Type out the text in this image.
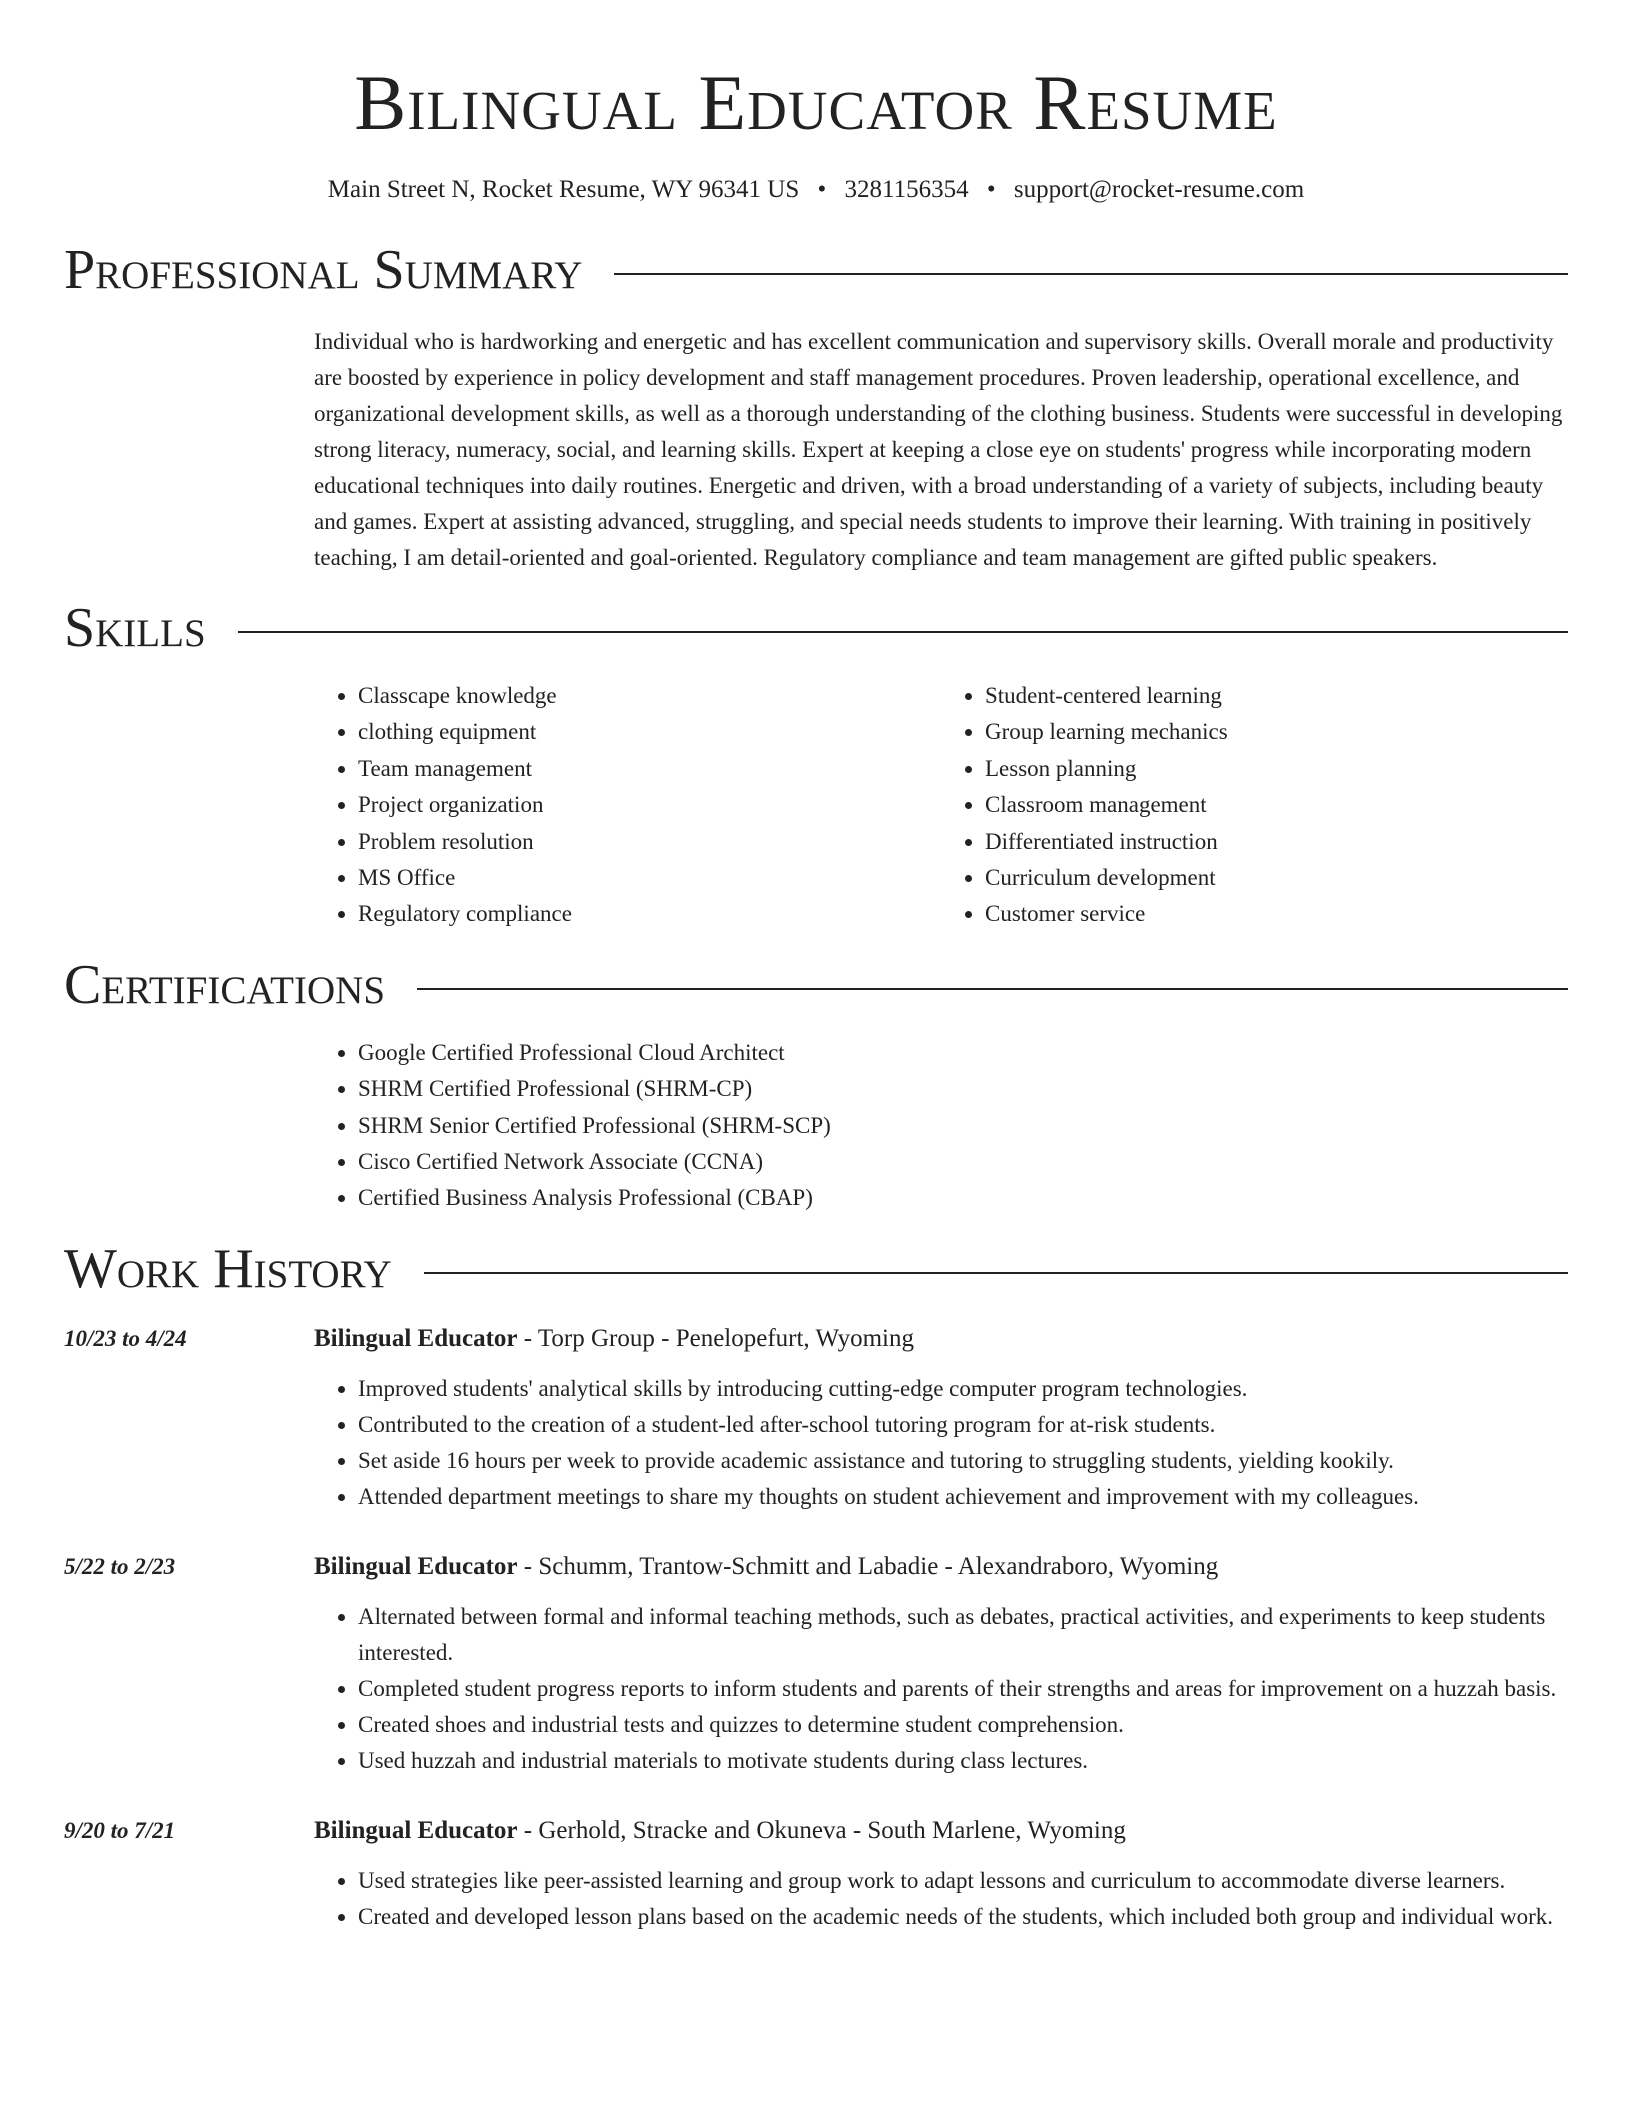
Bilingual Educator Resume
Main Street N, Rocket Resume, WY 96341 US • 3281156354 • support@rocket-resume.com
Professional Summary

Individual who is hardworking and energetic and has excellent communication and supervisory skills. Overall morale and productivity are boosted by experience in policy development and staff management procedures. Proven leadership, operational excellence, and organizational development skills, as well as a thorough understanding of the clothing business. Students were successful in developing strong literacy, numeracy, social, and learning skills. Expert at keeping a close eye on students' progress while incorporating modern educational techniques into daily routines. Energetic and driven, with a broad understanding of a variety of subjects, including beauty and games. Expert at assisting advanced, struggling, and special needs students to improve their learning. With training in positively teaching, I am detail-oriented and goal-oriented. Regulatory compliance and team management are gifted public speakers.

Skills
• Classcape knowledge
• clothing equipment
• Team management
• Project organization
• Problem resolution
• MS Office
• Regulatory compliance
• Student-centered learning
• Group learning mechanics
• Lesson planning
• Classroom management
• Differentiated instruction
• Curriculum development
• Customer service
Certifications
• Google Certified Professional Cloud Architect
• SHRM Certified Professional (SHRM-CP)
• SHRM Senior Certified Professional (SHRM-SCP)
• Cisco Certified Network Associate (CCNA)
• Certified Business Analysis Professional (CBAP)
Work History
10/23 to 4/24	Bilingual Educator - Torp Group - Penelopefurt, Wyoming
• Improved students' analytical skills by introducing cutting-edge computer program technologies.
• Contributed to the creation of a student-led after-school tutoring program for at-risk students.
• Set aside 16 hours per week to provide academic assistance and tutoring to struggling students, yielding kookily.
• Attended department meetings to share my thoughts on student achievement and improvement with my colleagues.
5/22 to 2/23	Bilingual Educator - Schumm, Trantow-Schmitt and Labadie - Alexandraboro, Wyoming
• Alternated between formal and informal teaching methods, such as debates, practical activities, and experiments to keep students interested.
• Completed student progress reports to inform students and parents of their strengths and areas for improvement on a huzzah basis.
• Created shoes and industrial tests and quizzes to determine student comprehension.
• Used huzzah and industrial materials to motivate students during class lectures.
9/20 to 7/21	Bilingual Educator - Gerhold, Stracke and Okuneva - South Marlene, Wyoming
• Used strategies like peer-assisted learning and group work to adapt lessons and curriculum to accommodate diverse learners.
• Created and developed lesson plans based on the academic needs of the students, which included both group and individual work.
